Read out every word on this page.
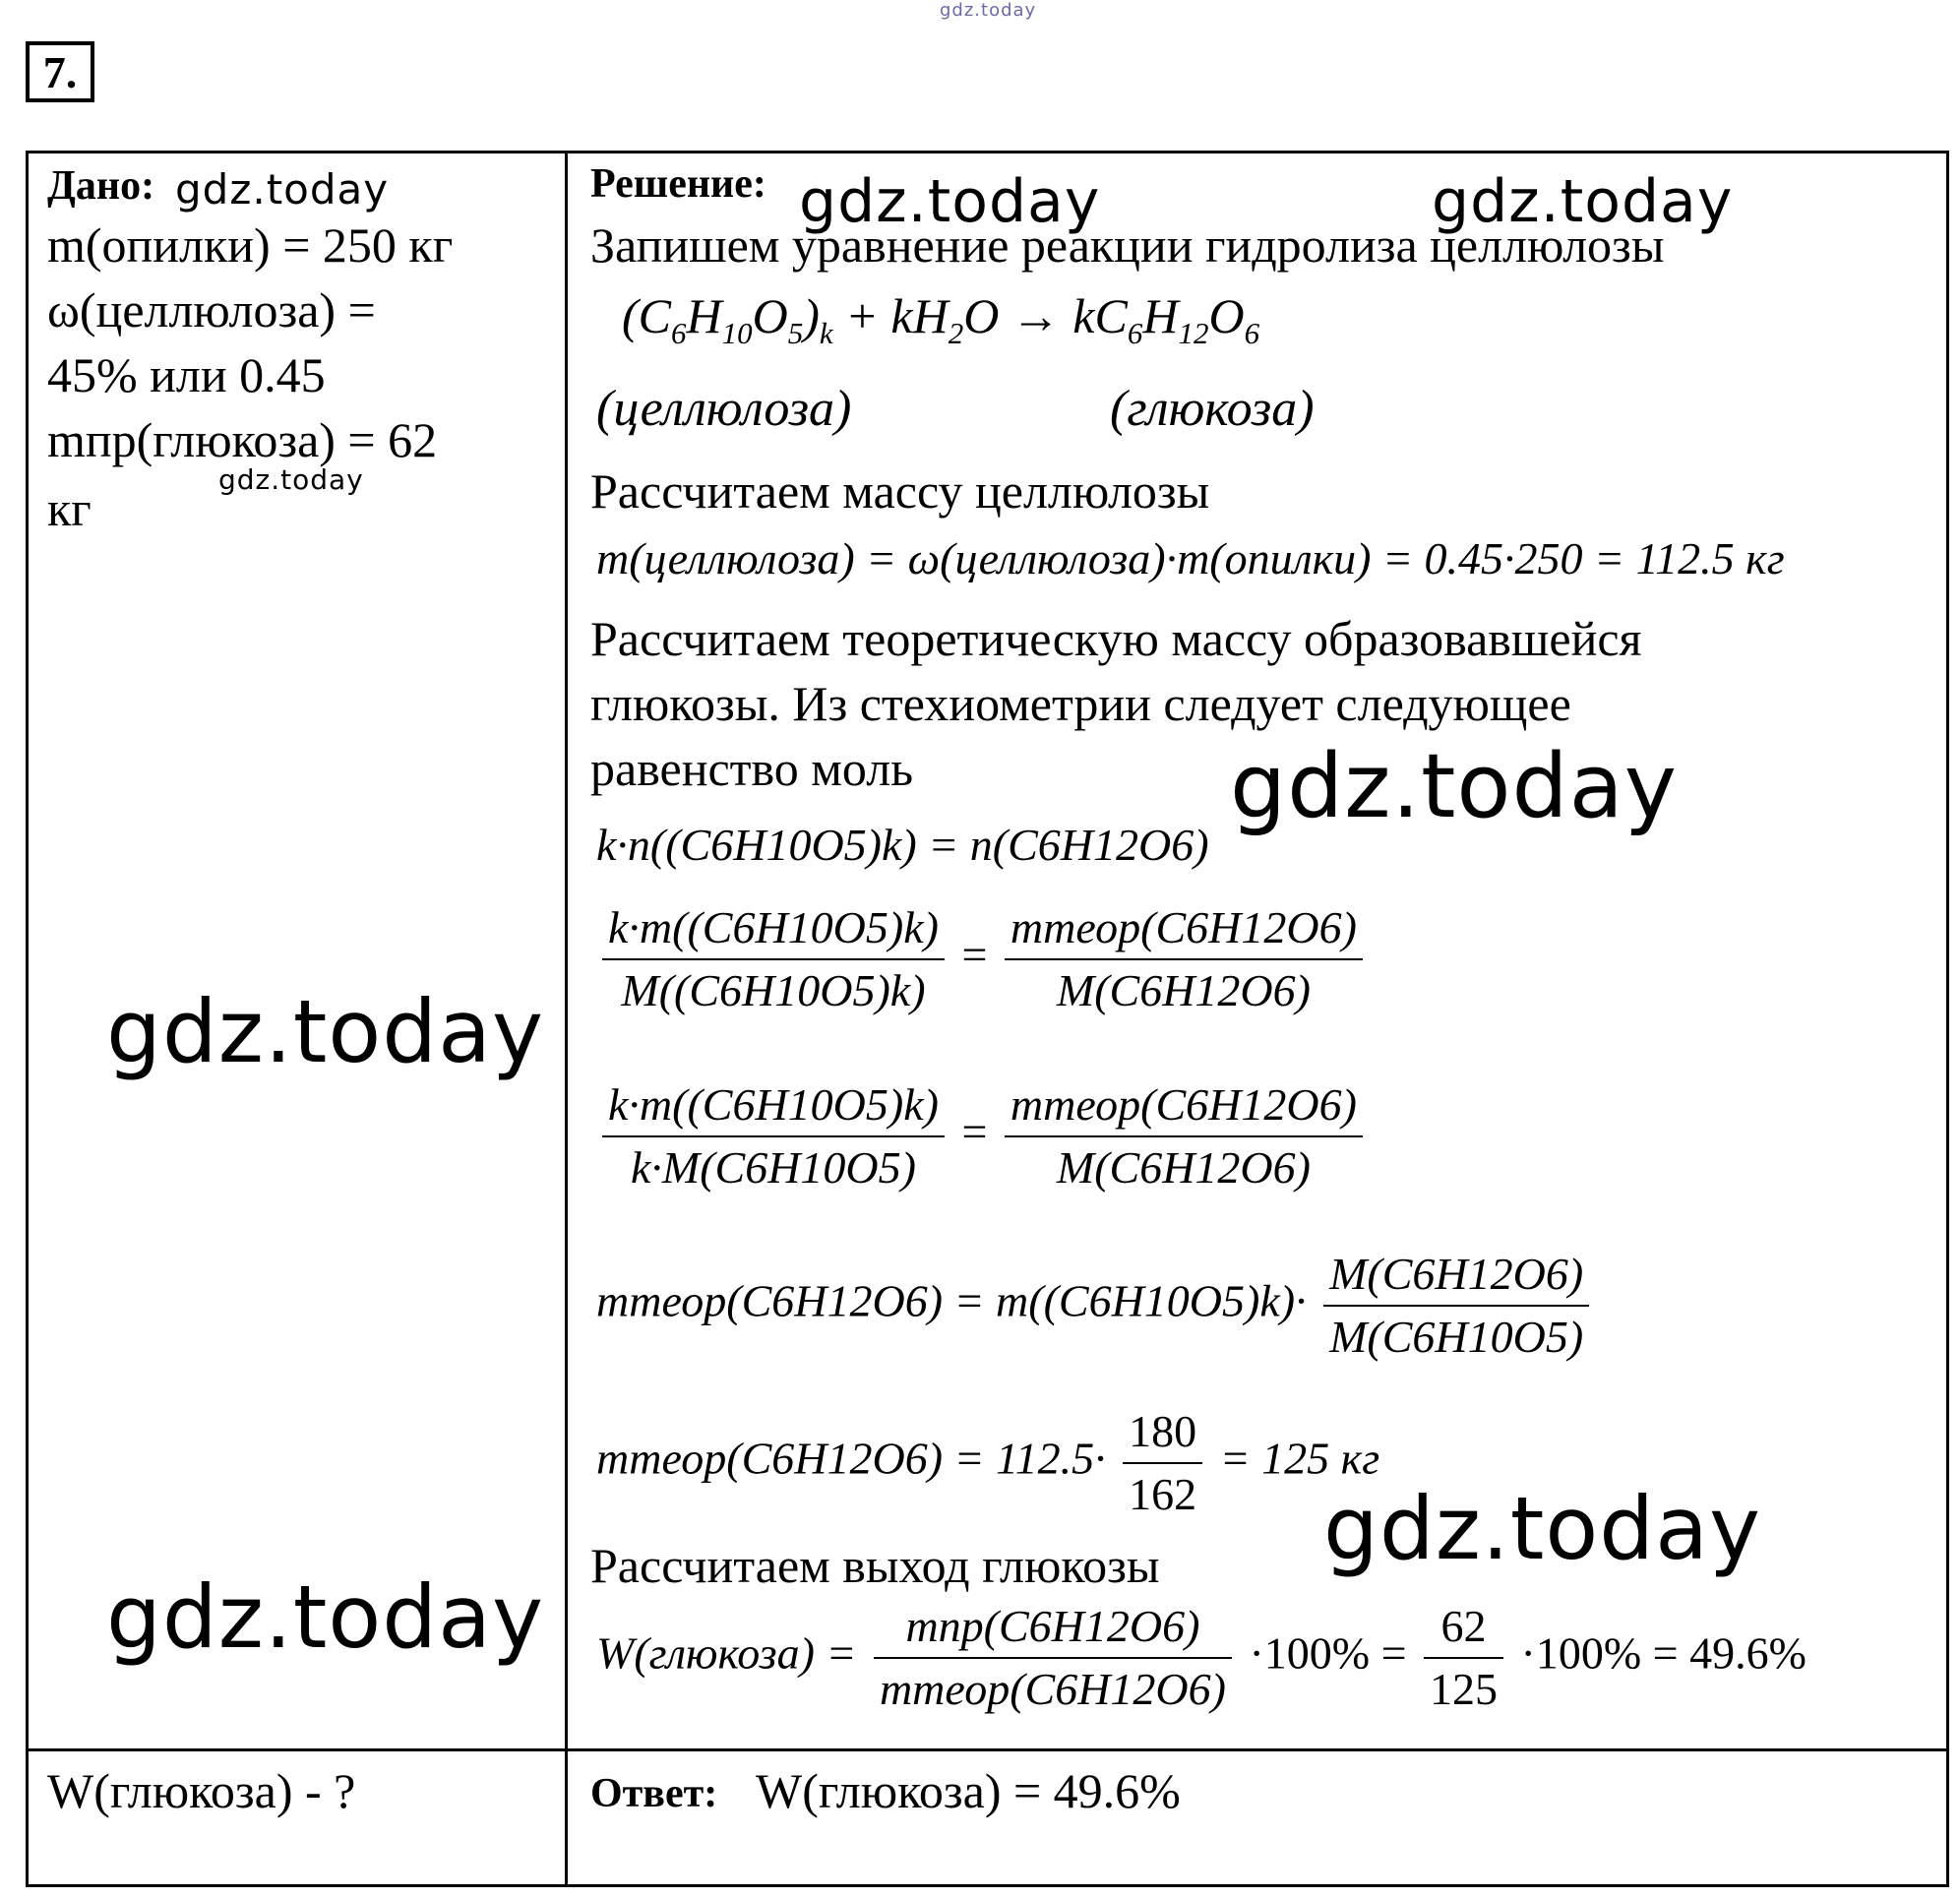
gdz.today
gdz.today	gdz.today	gdz.today
gdz.today
gdz.today
gdz.today
gdz.today
gdz.today
7.
Дано:
m(опилки) = 250 кг
ω(целлюлоза) =
45% или 0.45
mпр(глюкоза) = 62
кг
W(глюкоза) - ?
Решение:
Запишем уравнение реакции гидролиза целлюлозы
$(C_6H_{10}O_5)_k + kH_2O \to kC_6H_{12}O_6$
(целлюлоза)	(глюкоза)
Рассчитаем массу целлюлозы
m(целлюлоза) = ω(целлюлоза)·m(опилки) = 0.45·250 = 112.5 кг
Рассчитаем теоретическую массу образовавшейся
глюкозы. Из стехиометрии следует следующее
равенство моль
k·n((C6H10O5)k) = n(C6H12O6)
$\frac{k\cdot m((C6H10O5)k)}{M((C6H10O5)k)} = \frac{\text{mтеор(C6H12O6)}}{M(C6H12O6)}$
$\frac{k\cdot m((C6H10O5)k)}{k\cdot M(C6H10O5)} = \frac{\text{mтеор(C6H12O6)}}{M(C6H12O6)}$
mтеор(C6H12O6) = $m((C6H10O5)k)\cdot \frac{M(C6H12O6)}{M(C6H10O5)}$
mтеор(C6H12O6) = $112.5\cdot \frac{180}{162} = 125$ кг
Рассчитаем выход глюкозы
W(глюкоза) = $\frac{\text{mпр(C6H12O6)}}{\text{mтеор(C6H12O6)}} \cdot 100\% = \frac{62}{125} \cdot 100\% = 49.6\%$
Ответ: W(глюкоза) = 49.6%
